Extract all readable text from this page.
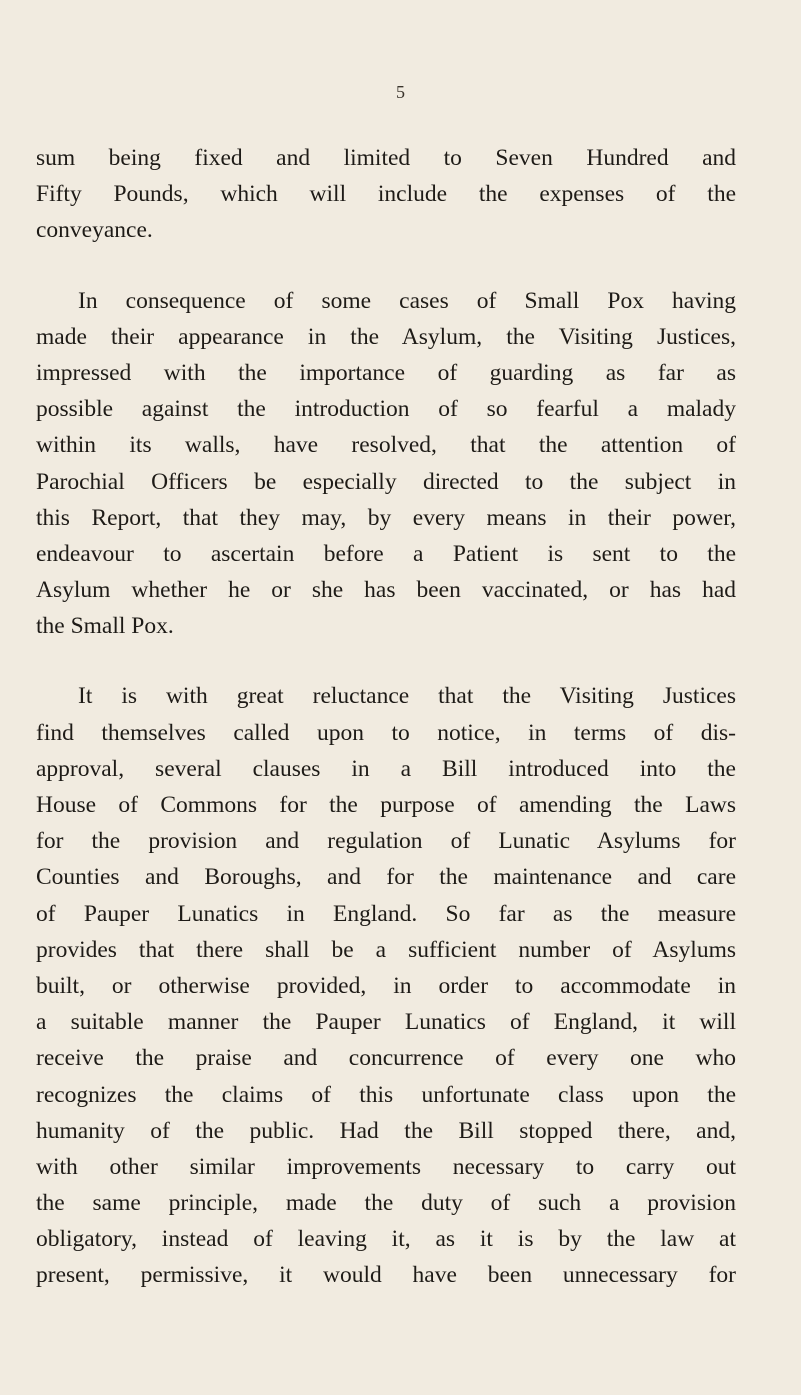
5
sum being fixed and limited to Seven Hundred and
Fifty Pounds, which will include the expenses of the
conveyance.
In consequence of some cases of Small Pox having
made their appearance in the Asylum, the Visiting Justices,
impressed with the importance of guarding as far as
possible against the introduction of so fearful a malady
within its walls, have resolved, that the attention of
Parochial Officers be especially directed to the subject in
this Report, that they may, by every means in their power,
endeavour to ascertain before a Patient is sent to the
Asylum whether he or she has been vaccinated, or has had
the Small Pox.
It is with great reluctance that the Visiting Justices
find themselves called upon to notice, in terms of dis-
approval, several clauses in a Bill introduced into the
House of Commons for the purpose of amending the Laws
for the provision and regulation of Lunatic Asylums for
Counties and Boroughs, and for the maintenance and care
of Pauper Lunatics in England. So far as the measure
provides that there shall be a sufficient number of Asylums
built, or otherwise provided, in order to accommodate in
a suitable manner the Pauper Lunatics of England, it will
receive the praise and concurrence of every one who
recognizes the claims of this unfortunate class upon the
humanity of the public. Had the Bill stopped there, and,
with other similar improvements necessary to carry out
the same principle, made the duty of such a provision
obligatory, instead of leaving it, as it is by the law at
present, permissive, it would have been unnecessary for
